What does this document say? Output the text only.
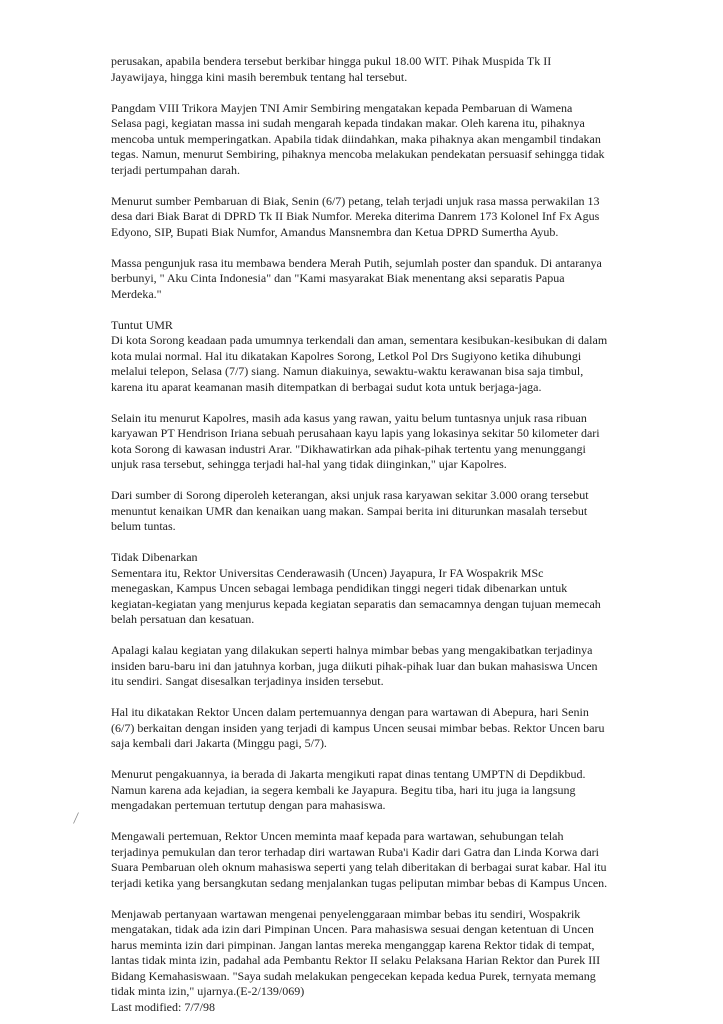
perusakan, apabila bendera tersebut berkibar hingga pukul 18.00 WIT. Pihak Muspida Tk II
Jayawijaya, hingga kini masih berembuk tentang hal tersebut.
Pangdam VIII Trikora Mayjen TNI Amir Sembiring mengatakan kepada Pembaruan di Wamena
Selasa pagi, kegiatan massa ini sudah mengarah kepada tindakan makar. Oleh karena itu, pihaknya
mencoba untuk memperingatkan. Apabila tidak diindahkan, maka pihaknya akan mengambil tindakan
tegas. Namun, menurut Sembiring, pihaknya mencoba melakukan pendekatan persuasif sehingga tidak
terjadi pertumpahan darah.
Menurut sumber Pembaruan di Biak, Senin (6/7) petang, telah terjadi unjuk rasa massa perwakilan 13
desa dari Biak Barat di DPRD Tk II Biak Numfor. Mereka diterima Danrem 173 Kolonel Inf Fx Agus
Edyono, SIP, Bupati Biak Numfor, Amandus Mansnembra dan Ketua DPRD Sumertha Ayub.
Massa pengunjuk rasa itu membawa bendera Merah Putih, sejumlah poster dan spanduk. Di antaranya
berbunyi, " Aku Cinta Indonesia" dan "Kami masyarakat Biak menentang aksi separatis Papua
Merdeka."
Tuntut UMR
Di kota Sorong keadaan pada umumnya terkendali dan aman, sementara kesibukan-kesibukan di dalam
kota mulai normal. Hal itu dikatakan Kapolres Sorong, Letkol Pol Drs Sugiyono ketika dihubungi
melalui telepon, Selasa (7/7) siang. Namun diakuinya, sewaktu-waktu kerawanan bisa saja timbul,
karena itu aparat keamanan masih ditempatkan di berbagai sudut kota untuk berjaga-jaga.
Selain itu menurut Kapolres, masih ada kasus yang rawan, yaitu belum tuntasnya unjuk rasa ribuan
karyawan PT Hendrison Iriana sebuah perusahaan kayu lapis yang lokasinya sekitar 50 kilometer dari
kota Sorong di kawasan industri Arar. "Dikhawatirkan ada pihak-pihak tertentu yang menunggangi
unjuk rasa tersebut, sehingga terjadi hal-hal yang tidak diinginkan," ujar Kapolres.
Dari sumber di Sorong diperoleh keterangan, aksi unjuk rasa karyawan sekitar 3.000 orang tersebut
menuntut kenaikan UMR dan kenaikan uang makan. Sampai berita ini diturunkan masalah tersebut
belum tuntas.
Tidak Dibenarkan
Sementara itu, Rektor Universitas Cenderawasih (Uncen) Jayapura, Ir FA Wospakrik MSc
menegaskan, Kampus Uncen sebagai lembaga pendidikan tinggi negeri tidak dibenarkan untuk
kegiatan-kegiatan yang menjurus kepada kegiatan separatis dan semacamnya dengan tujuan memecah
belah persatuan dan kesatuan.
Apalagi kalau kegiatan yang dilakukan seperti halnya mimbar bebas yang mengakibatkan terjadinya
insiden baru-baru ini dan jatuhnya korban, juga diikuti pihak-pihak luar dan bukan mahasiswa Uncen
itu sendiri. Sangat disesalkan terjadinya insiden tersebut.
Hal itu dikatakan Rektor Uncen dalam pertemuannya dengan para wartawan di Abepura, hari Senin
(6/7) berkaitan dengan insiden yang terjadi di kampus Uncen seusai mimbar bebas. Rektor Uncen baru
saja kembali dari Jakarta (Minggu pagi, 5/7).
Menurut pengakuannya, ia berada di Jakarta mengikuti rapat dinas tentang UMPTN di Depdikbud.
Namun karena ada kejadian, ia segera kembali ke Jayapura. Begitu tiba, hari itu juga ia langsung
mengadakan pertemuan tertutup dengan para mahasiswa.
Mengawali pertemuan, Rektor Uncen meminta maaf kepada para wartawan, sehubungan telah
terjadinya pemukulan dan teror terhadap diri wartawan Ruba'i Kadir dari Gatra dan Linda Korwa dari
Suara Pembaruan oleh oknum mahasiswa seperti yang telah diberitakan di berbagai surat kabar. Hal itu
terjadi ketika yang bersangkutan sedang menjalankan tugas peliputan mimbar bebas di Kampus Uncen.
Menjawab pertanyaan wartawan mengenai penyelenggaraan mimbar bebas itu sendiri, Wospakrik
mengatakan, tidak ada izin dari Pimpinan Uncen. Para mahasiswa sesuai dengan ketentuan di Uncen
harus meminta izin dari pimpinan. Jangan lantas mereka menganggap karena Rektor tidak di tempat,
lantas tidak minta izin, padahal ada Pembantu Rektor II selaku Pelaksana Harian Rektor dan Purek III
Bidang Kemahasiswaan. "Saya sudah melakukan pengecekan kepada kedua Purek, ternyata memang
tidak minta izin," ujarnya.(E-2/139/069)
Last modified: 7/7/98
